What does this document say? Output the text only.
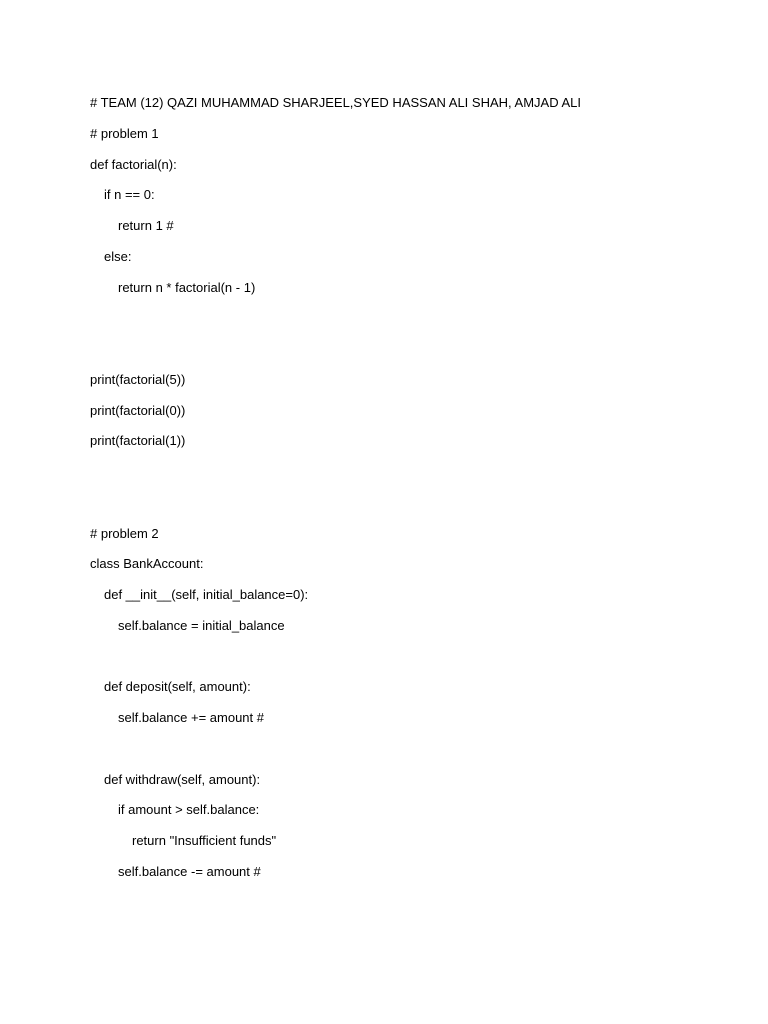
# TEAM (12) QAZI MUHAMMAD SHARJEEL,SYED HASSAN ALI SHAH, AMJAD ALI
# problem 1
def factorial(n):
if n == 0:
return 1 #
else:
return n * factorial(n - 1)
print(factorial(5))
print(factorial(0))
print(factorial(1))
# problem 2
class BankAccount:
def __init__(self, initial_balance=0):
self.balance = initial_balance
def deposit(self, amount):
self.balance += amount #
def withdraw(self, amount):
if amount > self.balance:
return "Insufficient funds"
self.balance -= amount #
